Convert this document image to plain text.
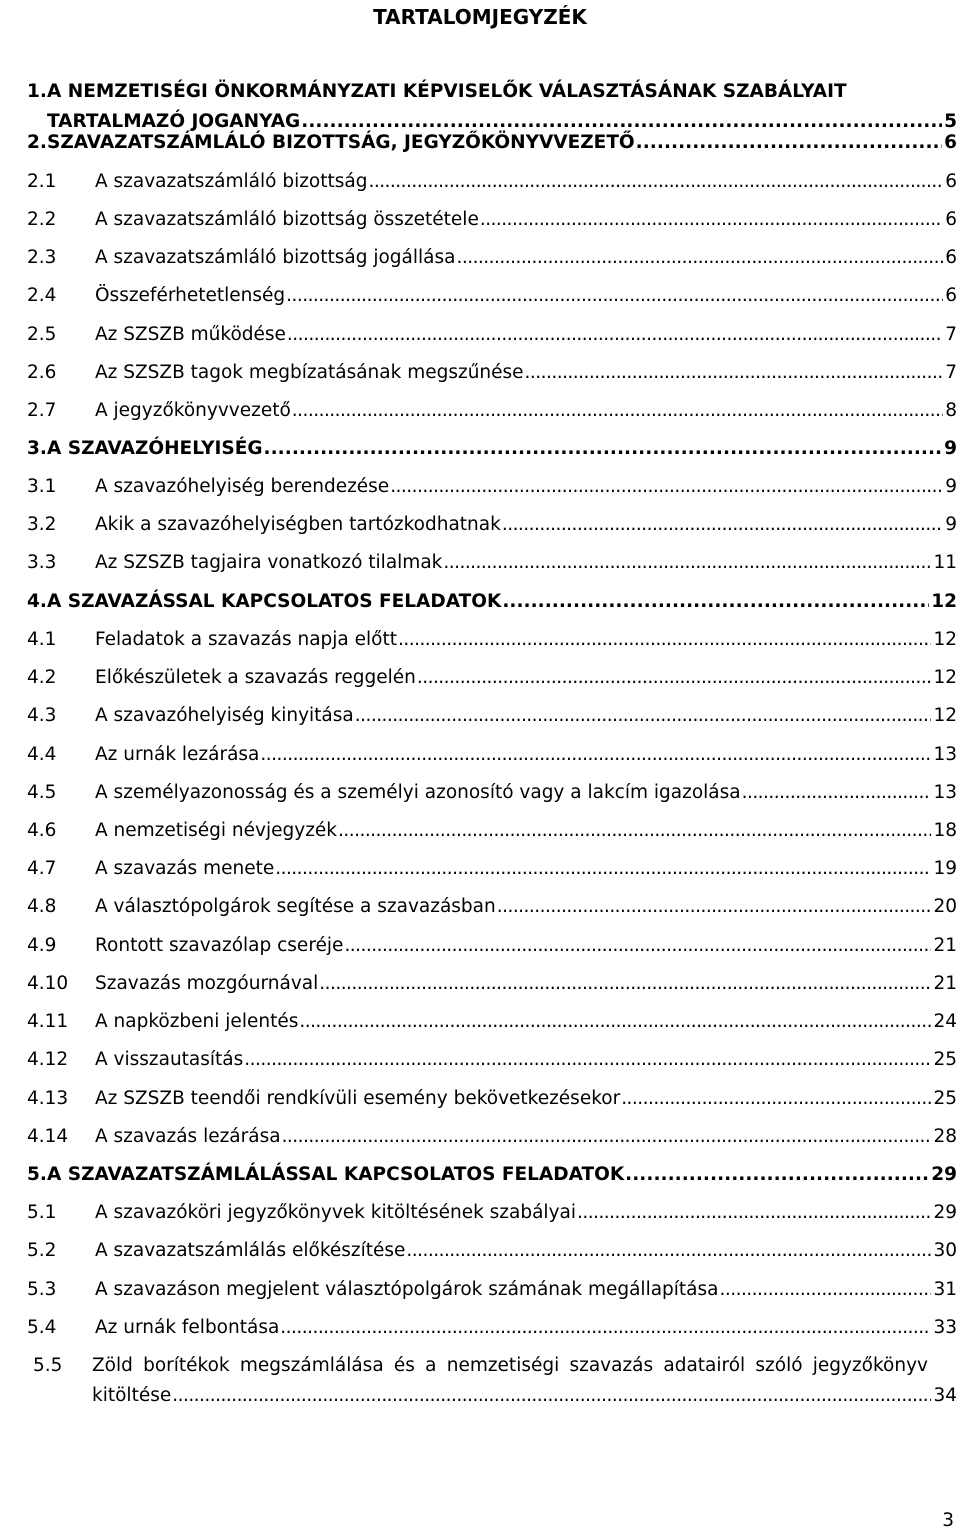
TARTALOMJEGYZÉK
1. A NEMZETISÉGI ÖNKORMÁNYZATI KÉPVISELŐK VÁLASZTÁSÁNAK SZABÁLYAIT
TARTALMAZÓ JOGANYAG . . .	5
2. SZAVAZATSZÁMLÁLÓ BIZOTTSÁG, JEGYZŐKÖNYVVEZETŐ . . .	6
2.1 A szavazatszámláló bizottság . . .	6
2.2 A szavazatszámláló bizottság összetétele . . .	6
2.3 A szavazatszámláló bizottság jogállása . . .	6
2.4 Összeférhetetlenség . . .	6
2.5 Az SZSZB működése . . .	7
2.6 Az SZSZB tagok megbízatásának megszűnése . . .	7
2.7 A jegyzőkönyvvezető . . .	8
3. A SZAVAZÓHELYISÉG . . .	9
3.1 A szavazóhelyiség berendezése . . .	9
3.2 Akik a szavazóhelyiségben tartózkodhatnak . . .	9
3.3 Az SZSZB tagjaira vonatkozó tilalmak . . .	11
4. A SZAVAZÁSSAL KAPCSOLATOS FELADATOK . . .	12
4.1 Feladatok a szavazás napja előtt . . .	12
4.2 Előkészületek a szavazás reggelén . . .	12
4.3 A szavazóhelyiség kinyitása . . .	12
4.4 Az urnák lezárása . . .	13
4.5 A személyazonosság és a személyi azonosító vagy a lakcím igazolása . . .	13
4.6 A nemzetiségi névjegyzék . . .	18
4.7 A szavazás menete . . .	19
4.8 A választópolgárok segítése a szavazásban . . .	20
4.9 Rontott szavazólap cseréje . . .	21
4.10 Szavazás mozgóurnával . . .	21
4.11 A napközbeni jelentés . . .	24
4.12 A visszautasítás . . .	25
4.13 Az SZSZB teendői rendkívüli esemény bekövetkezésekor . . .	25
4.14 A szavazás lezárása . . .	28
5. A SZAVAZATSZÁMLÁLÁSSAL KAPCSOLATOS FELADATOK . . .	29
5.1 A szavazóköri jegyzőkönyvek kitöltésének szabályai . . .	29
5.2 A szavazatszámlálás előkészítése . . .	30
5.3 A szavazáson megjelent választópolgárok számának megállapítása . . .	31
5.4 Az urnák felbontása . . .	33
5.5 Zöld borítékok megszámlálása és a nemzetiségi szavazás adatairól szóló jegyzőkönyv
kitöltése . . .	34
3
